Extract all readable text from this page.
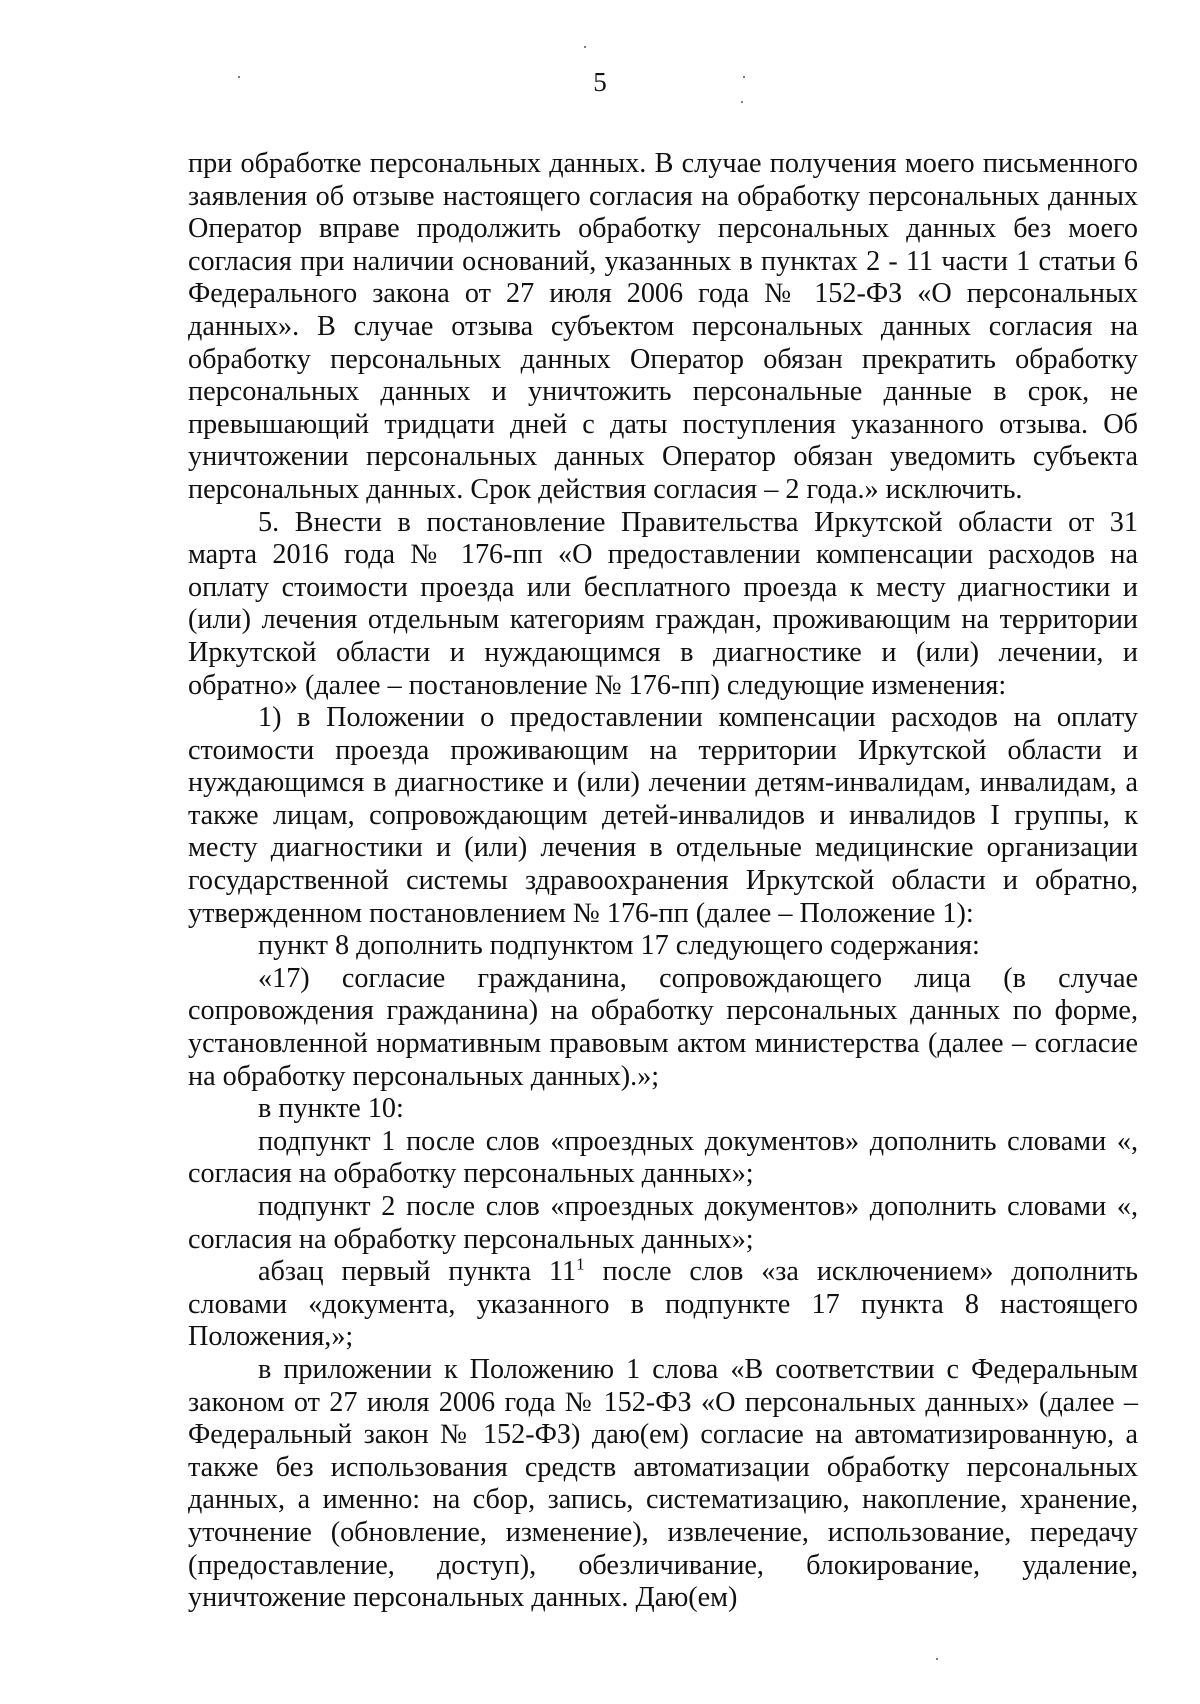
5

при обработке персональных данных. В случае получения моего письменного заявления об отзыве настоящего согласия на обработку персональных данных Оператор вправе продолжить обработку персональных данных без моего согласия при наличии оснований, указанных в пунктах 2 - 11 части 1 статьи 6 Федерального закона от 27 июля 2006 года № 152-ФЗ «О персональных данных». В случае отзыва субъектом персональных данных согласия на обработку персональных данных Оператор обязан прекратить обработку персональных данных и уничтожить персональные данные в срок, не превышающий тридцати дней с даты поступления указанного отзыва. Об уничтожении персональных данных Оператор обязан уведомить субъекта персональных данных. Срок действия согласия – 2 года.» исключить.

5. Внести в постановление Правительства Иркутской области от 31 марта 2016 года № 176-пп «О предоставлении компенсации расходов на оплату стоимости проезда или бесплатного проезда к месту диагностики и (или) лечения отдельным категориям граждан, проживающим на территории Иркутской области и нуждающимся в диагностике и (или) лечении, и обратно» (далее – постановление № 176-пп) следующие изменения:

1) в Положении о предоставлении компенсации расходов на оплату стоимости проезда проживающим на территории Иркутской области и нуждающимся в диагностике и (или) лечении детям-инвалидам, инвалидам, а также лицам, сопровождающим детей-инвалидов и инвалидов I группы, к месту диагностики и (или) лечения в отдельные медицинские организации государственной системы здравоохранения Иркутской области и обратно, утвержденном постановлением № 176-пп (далее – Положение 1):

пункт 8 дополнить подпунктом 17 следующего содержания:

«17) согласие гражданина, сопровождающего лица (в случае сопровождения гражданина) на обработку персональных данных по форме, установленной нормативным правовым актом министерства (далее – согласие на обработку персональных данных).»;

в пункте 10:

подпункт 1 после слов «проездных документов» дополнить словами «, согласия на обработку персональных данных»;

подпункт 2 после слов «проездных документов» дополнить словами «, согласия на обработку персональных данных»;

абзац первый пункта $11^1$ после слов «за исключением» дополнить словами «документа, указанного в подпункте 17 пункта 8 настоящего Положения,»;

в приложении к Положению 1 слова «В соответствии с Федеральным законом от 27 июля 2006 года № 152-ФЗ «О персональных данных» (далее – Федеральный закон № 152-ФЗ) даю(ем) согласие на автоматизированную, а также без использования средств автоматизации обработку персональных данных, а именно: на сбор, запись, систематизацию, накопление, хранение, уточнение (обновление, изменение), извлечение, использование, передачу (предоставление, доступ), обезличивание, блокирование, удаление, уничтожение персональных данных. Даю(ем)
